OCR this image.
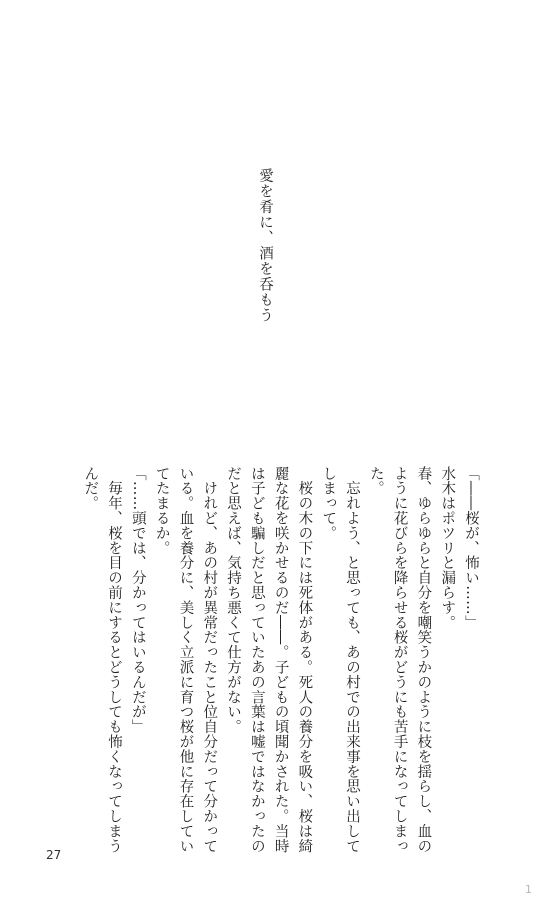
愛を肴に、酒を呑もう

「――桜が、怖い……」

水木はポツリと漏らす。

春、ゆらゆらと自分を嘲笑うかのように枝を揺らし、血のように花びらを降らせる桜がどうにも苦手になってしまった。

　忘れよう、と思っても、あの村での出来事を思い出してしまって。

　桜の木の下には死体がある。死人の養分を吸い、桜は綺麗な花を咲かせるのだ――。子どもの頃聞かされた。当時は子ども騙しだと思っていたあの言葉は嘘ではなかったのだと思えば、気持ち悪くて仕方がない。

　けれど、あの村が異常だったこと位自分だって分かっている。血を養分に、美しく立派に育つ桜が他に存在していてたまるか。

「……頭では、分かってはいるんだが」

　毎年、桜を目の前にするとどうしても怖くなってしまうんだ。

27
1
